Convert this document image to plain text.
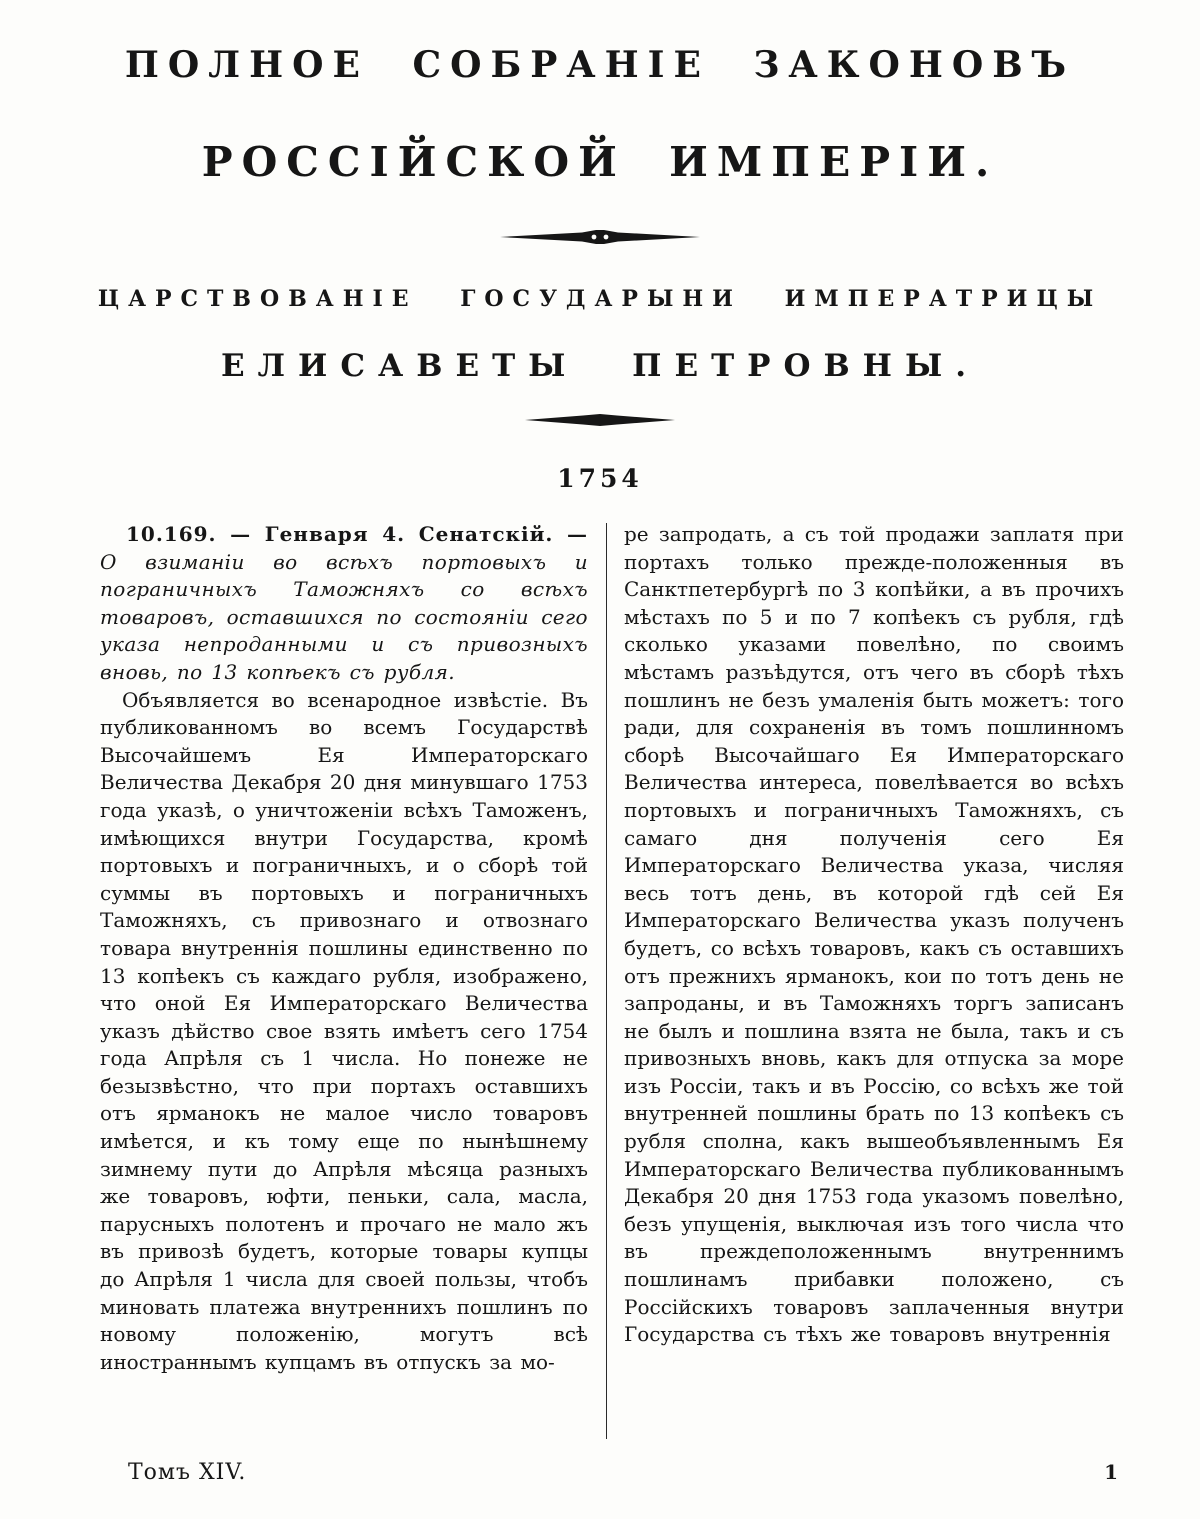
ПОЛНОЕ СОБРАНІЕ ЗАКОНОВЪ
РОССІЙСКОЙ ИМПЕРІИ.
ЦАРСТВОВАНІЕ ГОСУДАРЫНИ ИМПЕРАТРИЦЫ
ЕЛИСАВЕТЫ ПЕТРОВНЫ.
1754

10.169. — Генваря 4. Сенатскій. — О взиманіи во всѣхъ портовыхъ и пограничныхъ Таможняхъ со всѣхъ товаровъ, оставшихся по состояніи сего указа непроданными и съ привозныхъ вновь, по 13 копѣекъ съ рубля.

Объявляется во всенародное извѣстіе. Въ публикованномъ во всемъ Государствѣ Высочайшемъ Ея Императорскаго Величества Декабря 20 дня минувшаго 1753 года указѣ, о уничтоженіи всѣхъ Таможенъ, имѣющихся внутри Государства, кромѣ портовыхъ и пограничныхъ, и о сборѣ той суммы въ портовыхъ и пограничныхъ Таможняхъ, съ привознаго и отвознаго товара внутреннія пошлины единственно по 13 копѣекъ съ каждаго рубля, изображено, что оной Ея Императорскаго Величества указъ дѣйство свое взять имѣетъ сего 1754 года Апрѣля съ 1 числа. Но понеже не безызвѣстно, что при портахъ оставшихъ отъ ярманокъ не малое число товаровъ имѣется, и къ тому еще по нынѣшнему зимнему пути до Апрѣля мѣсяца разныхъ же товаровъ, юфти, пеньки, сала, масла, парусныхъ полотенъ и прочаго не мало жъ въ привозѣ будетъ, которые товары купцы до Апрѣля 1 числа для своей пользы, чтобъ миновать платежа внутреннихъ пошлинъ по новому положенію, могутъ всѣ иностраннымъ купцамъ въ отпускъ за мо-

ре запродать, а съ той продажи заплатя при портахъ только прежде-положенныя въ Санктпетербургѣ по 3 копѣйки, а въ прочихъ мѣстахъ по 5 и по 7 копѣекъ съ рубля, гдѣ сколько указами повелѣно, по своимъ мѣстамъ разъѣдутся, отъ чего въ сборѣ тѣхъ пошлинъ не безъ умаленія быть можетъ: того ради, для сохраненія въ томъ пошлинномъ сборѣ Высочайшаго Ея Императорскаго Величества интереса, повелѣвается во всѣхъ портовыхъ и пограничныхъ Таможняхъ, съ самаго дня полученія сего Ея Императорскаго Величества указа, числяя весь тотъ день, въ которой гдѣ сей Ея Императорскаго Величества указъ полученъ будетъ, со всѣхъ товаровъ, какъ съ оставшихъ отъ прежнихъ ярманокъ, кои по тотъ день не запроданы, и въ Таможняхъ торгъ записанъ не былъ и пошлина взята не была, такъ и съ привозныхъ вновь, какъ для отпуска за море изъ Россіи, такъ и въ Россію, со всѣхъ же той внутренней пошлины брать по 13 копѣекъ съ рубля сполна, какъ вышеобъявленнымъ Ея Императорскаго Величества публикованнымъ Декабря 20 дня 1753 года указомъ повелѣно, безъ упущенія, выключая изъ того числа что въ преждеположеннымъ внутреннимъ пошлинамъ прибавки положено, съ Россійскихъ товаровъ заплаченныя внутри Государства съ тѣхъ же товаровъ внутреннія

Томъ XIV.	1
